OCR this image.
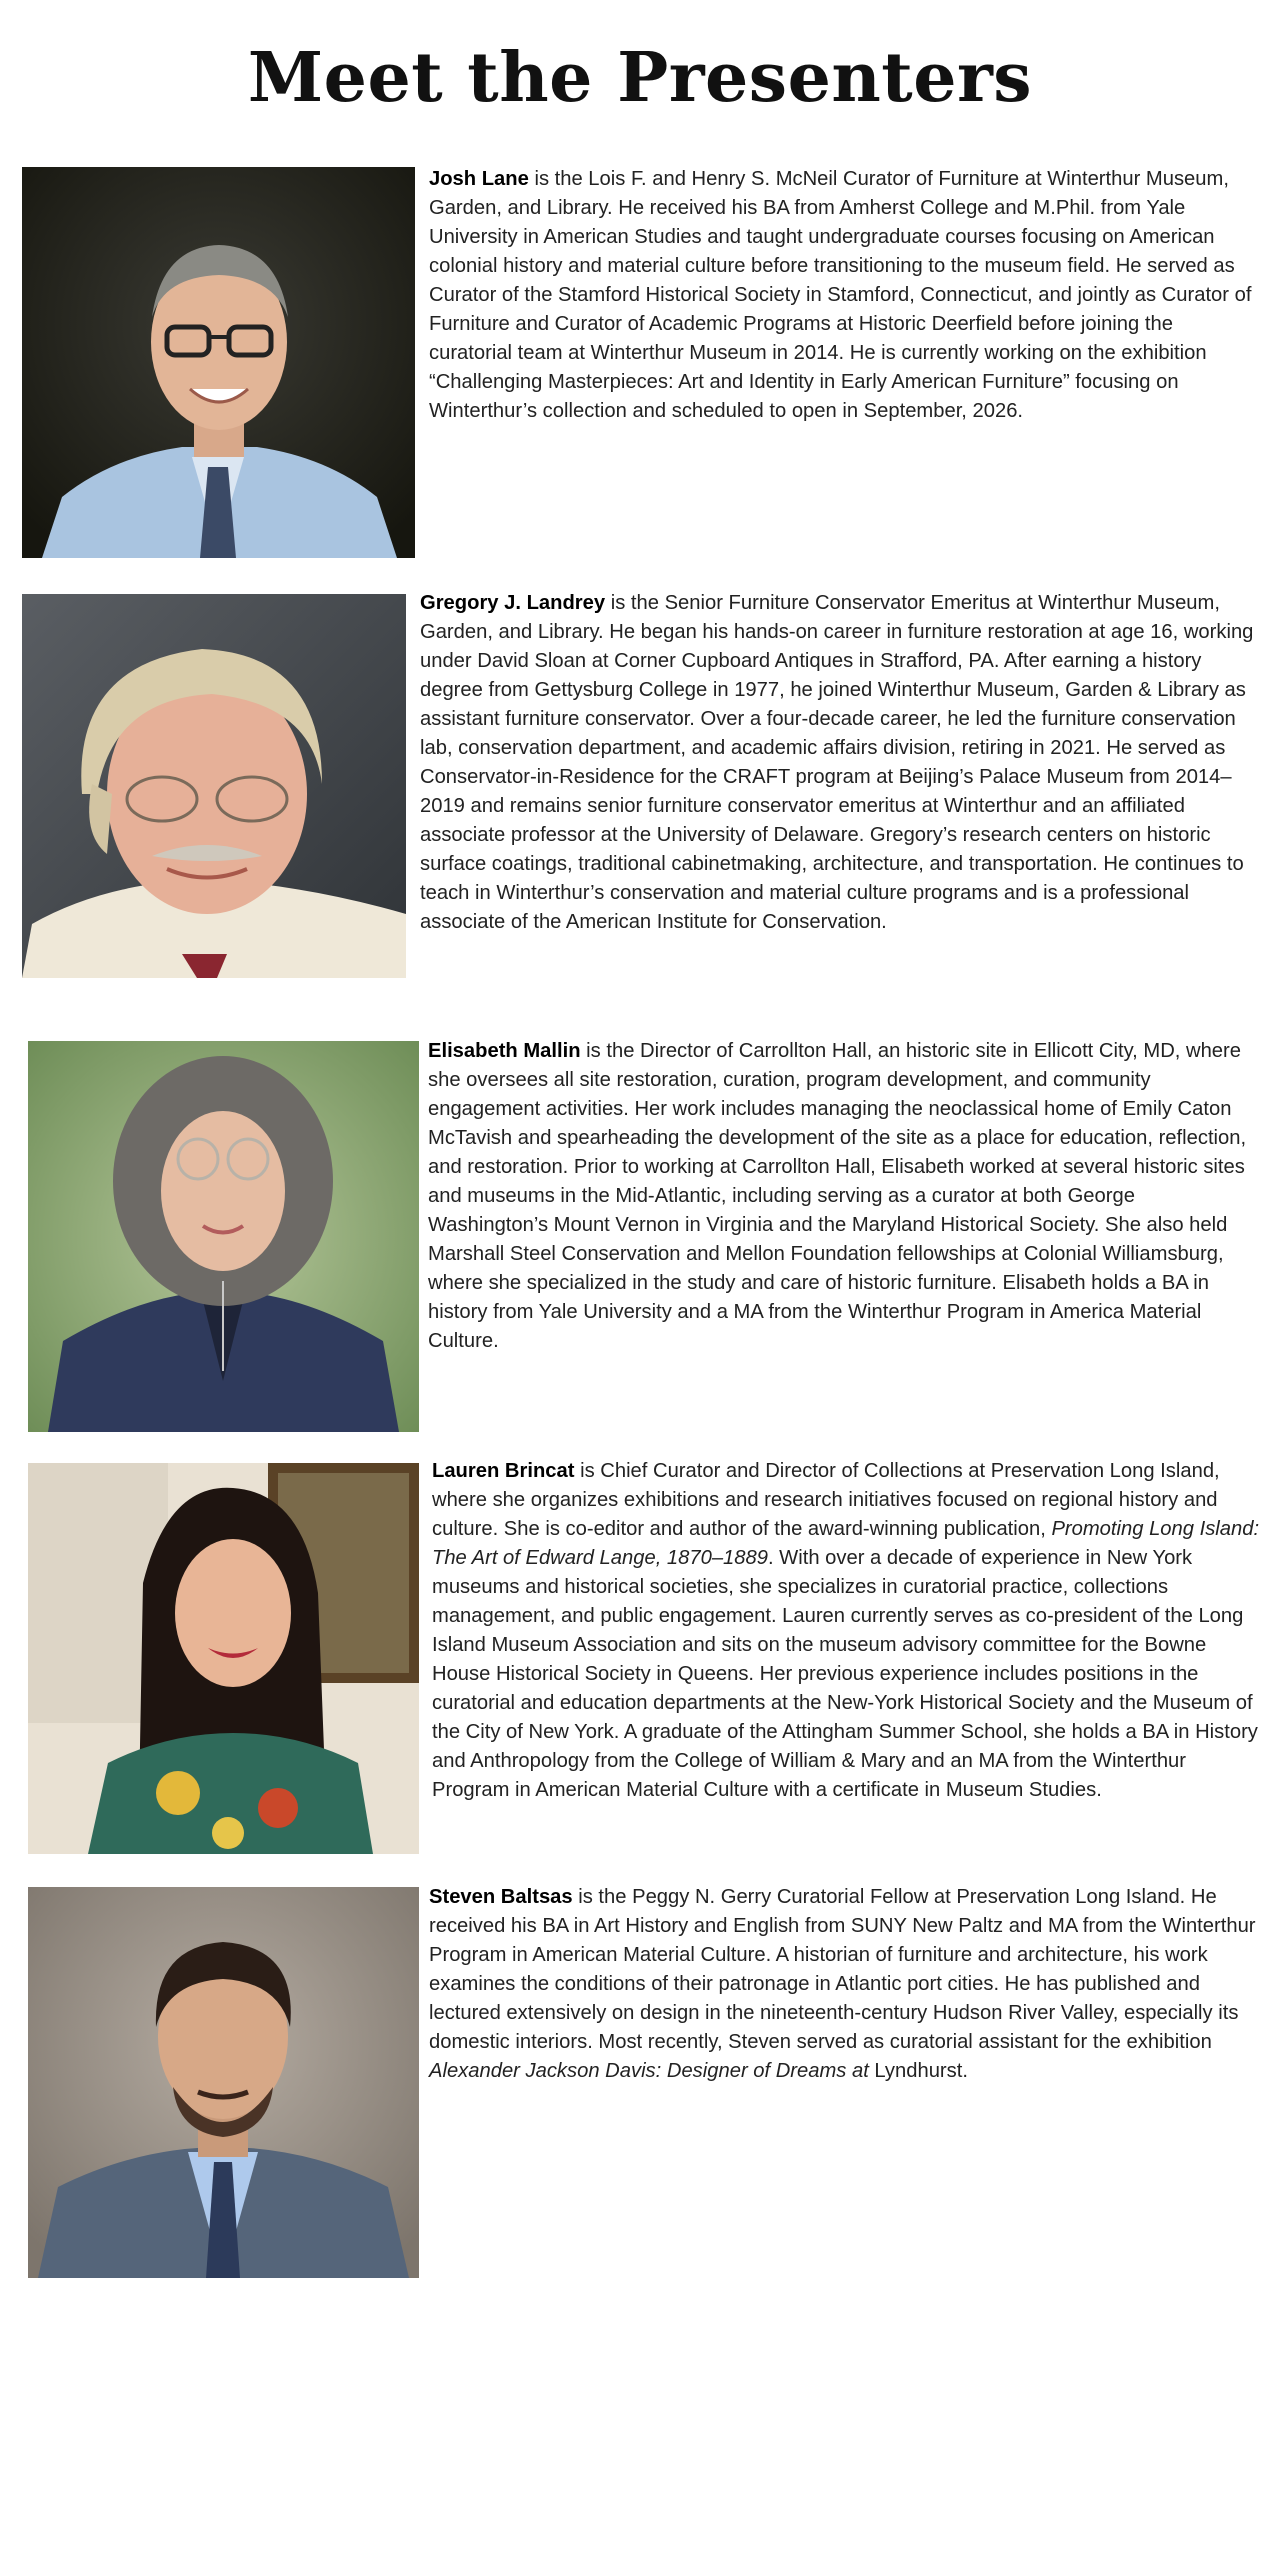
Meet the Presenters

Josh Lane is the Lois F. and Henry S. McNeil Curator of Furniture at Winterthur Museum, Garden, and Library. He received his BA from Amherst College and M.Phil. from Yale University in American Studies and taught undergraduate courses focusing on American colonial history and material culture before transitioning to the museum field. He served as Curator of the Stamford Historical Society in Stamford, Connecticut, and jointly as Curator of Furniture and Curator of Academic Programs at Historic Deerfield before joining the curatorial team at Winterthur Museum in 2014. He is currently working on the exhibition “Challenging Masterpieces: Art and Identity in Early American Furniture” focusing on Winterthur’s collection and scheduled to open in September, 2026.

Gregory J. Landrey is the Senior Furniture Conservator Emeritus at Winterthur Museum, Garden, and Library. He began his hands-on career in furniture restoration at age 16, working under David Sloan at Corner Cupboard Antiques in Strafford, PA. After earning a history degree from Gettysburg College in 1977, he joined Winterthur Museum, Garden & Library as assistant furniture conservator. Over a four-decade career, he led the furniture conservation lab, conservation department, and academic affairs division, retiring in 2021. He served as Conservator-in-Residence for the CRAFT program at Beijing’s Palace Museum from 2014–2019 and remains senior furniture conservator emeritus at Winterthur and an affiliated associate professor at the University of Delaware. Gregory’s research centers on historic surface coatings, traditional cabinetmaking, architecture, and transportation. He continues to teach in Winterthur’s conservation and material culture programs and is a professional associate of the American Institute for Conservation.

Elisabeth Mallin is the Director of Carrollton Hall, an historic site in Ellicott City, MD, where she oversees all site restoration, curation, program development, and community engagement activities. Her work includes managing the neoclassical home of Emily Caton McTavish and spearheading the development of the site as a place for education, reflection, and restoration. Prior to working at Carrollton Hall, Elisabeth worked at several historic sites and museums in the Mid-Atlantic, including serving as a curator at both George Washington’s Mount Vernon in Virginia and the Maryland Historical Society. She also held Marshall Steel Conservation and Mellon Foundation fellowships at Colonial Williamsburg, where she specialized in the study and care of historic furniture. Elisabeth holds a BA in history from Yale University and a MA from the Winterthur Program in America Material Culture.

Lauren Brincat is Chief Curator and Director of Collections at Preservation Long Island, where she organizes exhibitions and research initiatives focused on regional history and culture. She is co-editor and author of the award-winning publication, Promoting Long Island: The Art of Edward Lange, 1870–1889. With over a decade of experience in New York museums and historical societies, she specializes in curatorial practice, collections management, and public engagement. Lauren currently serves as co-president of the Long Island Museum Association and sits on the museum advisory committee for the Bowne House Historical Society in Queens. Her previous experience includes positions in the curatorial and education departments at the New-York Historical Society and the Museum of the City of New York. A graduate of the Attingham Summer School, she holds a BA in History and Anthropology from the College of William & Mary and an MA from the Winterthur Program in American Material Culture with a certificate in Museum Studies.

Steven Baltsas is the Peggy N. Gerry Curatorial Fellow at Preservation Long Island. He received his BA in Art History and English from SUNY New Paltz and MA from the Winterthur Program in American Material Culture. A historian of furniture and architecture, his work examines the conditions of their patronage in Atlantic port cities. He has published and lectured extensively on design in the nineteenth-century Hudson River Valley, especially its domestic interiors. Most recently, Steven served as curatorial assistant for the exhibition Alexander Jackson Davis: Designer of Dreams at Lyndhurst.
